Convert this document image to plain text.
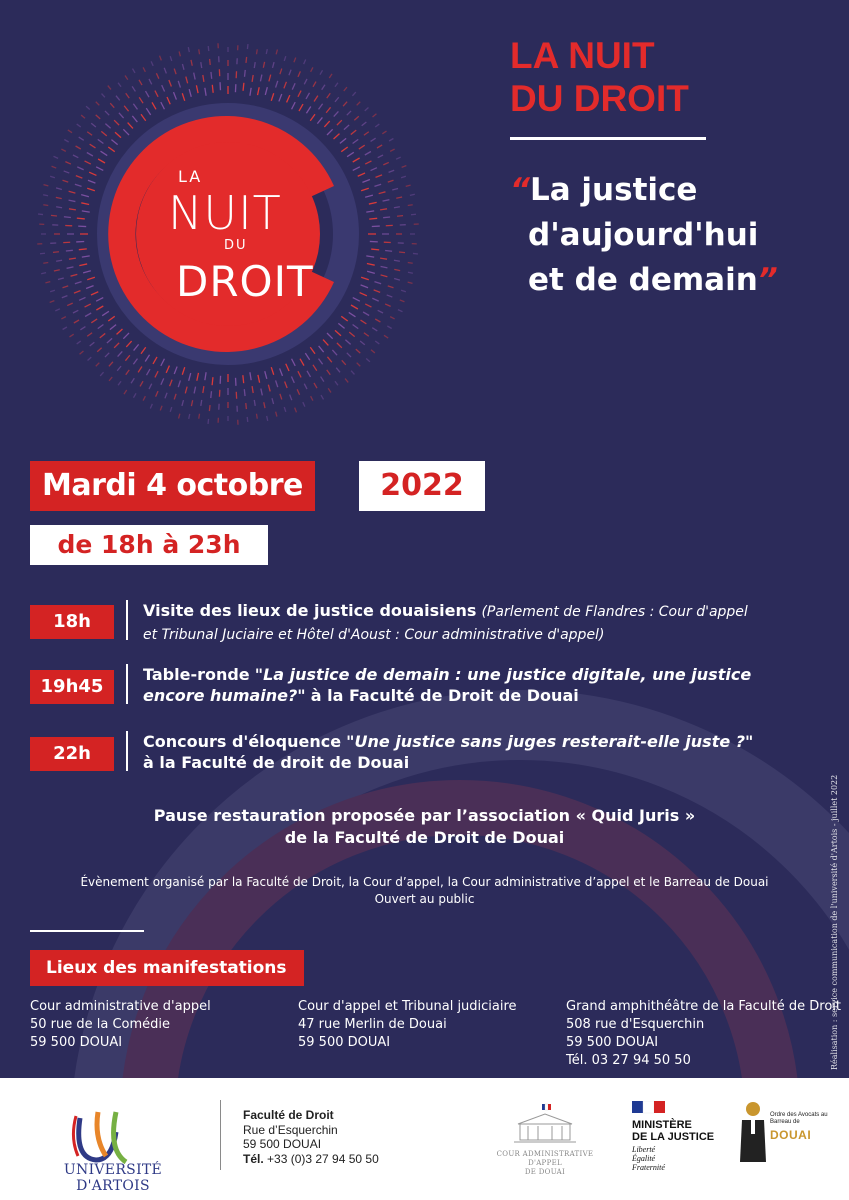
LA
NUIT
DU
DROIT
LA NUIT
DU DROIT
“La justice
d'aujourd'hui
et de demain”
Mardi 4 octobre	2022
de 18h à 23h
18h
Visite des lieux de justice douaisiens (Parlement de Flandres : Cour d'appel
et Tribunal Juciaire et Hôtel d'Aoust : Cour administrative d'appel)
19h45
Table-ronde "La justice de demain : une justice digitale, une justice
encore humaine?" à la Faculté de Droit de Douai
22h
Concours d'éloquence "Une justice sans juges resterait-elle juste ?"
à la Faculté de droit de Douai
Pause restauration proposée par l’association « Quid Juris »
de la Faculté de Droit de Douai
Évènement organisé par la Faculté de Droit, la Cour d’appel, la Cour administrative d’appel et le Barreau de Douai
Ouvert au public
Lieux des manifestations
Cour administrative d'appel
50 rue de la Comédie
59 500 DOUAI
Cour d'appel et Tribunal judiciaire
47 rue Merlin de Douai
59 500 DOUAI
Grand amphithéâtre de la Faculté de Droit
508 rue d'Esquerchin
59 500 DOUAI
Tél. 03 27 94 50 50	Réalisation : service communication de l'université d'Artois - juillet 2022
UNIVERSITÉ D'ARTOIS
Faculté de Droit
Rue d’Esquerchin
59 500 DOUAI
Tél. +33 (0)3 27 94 50 50	COUR ADMINISTRATIVE D'APPEL
DE DOUAI
MINISTÈRE
DE LA JUSTICE
Liberté
Égalité
Fraternité
Ordre des Avocats au Barreau de
DOUAI
